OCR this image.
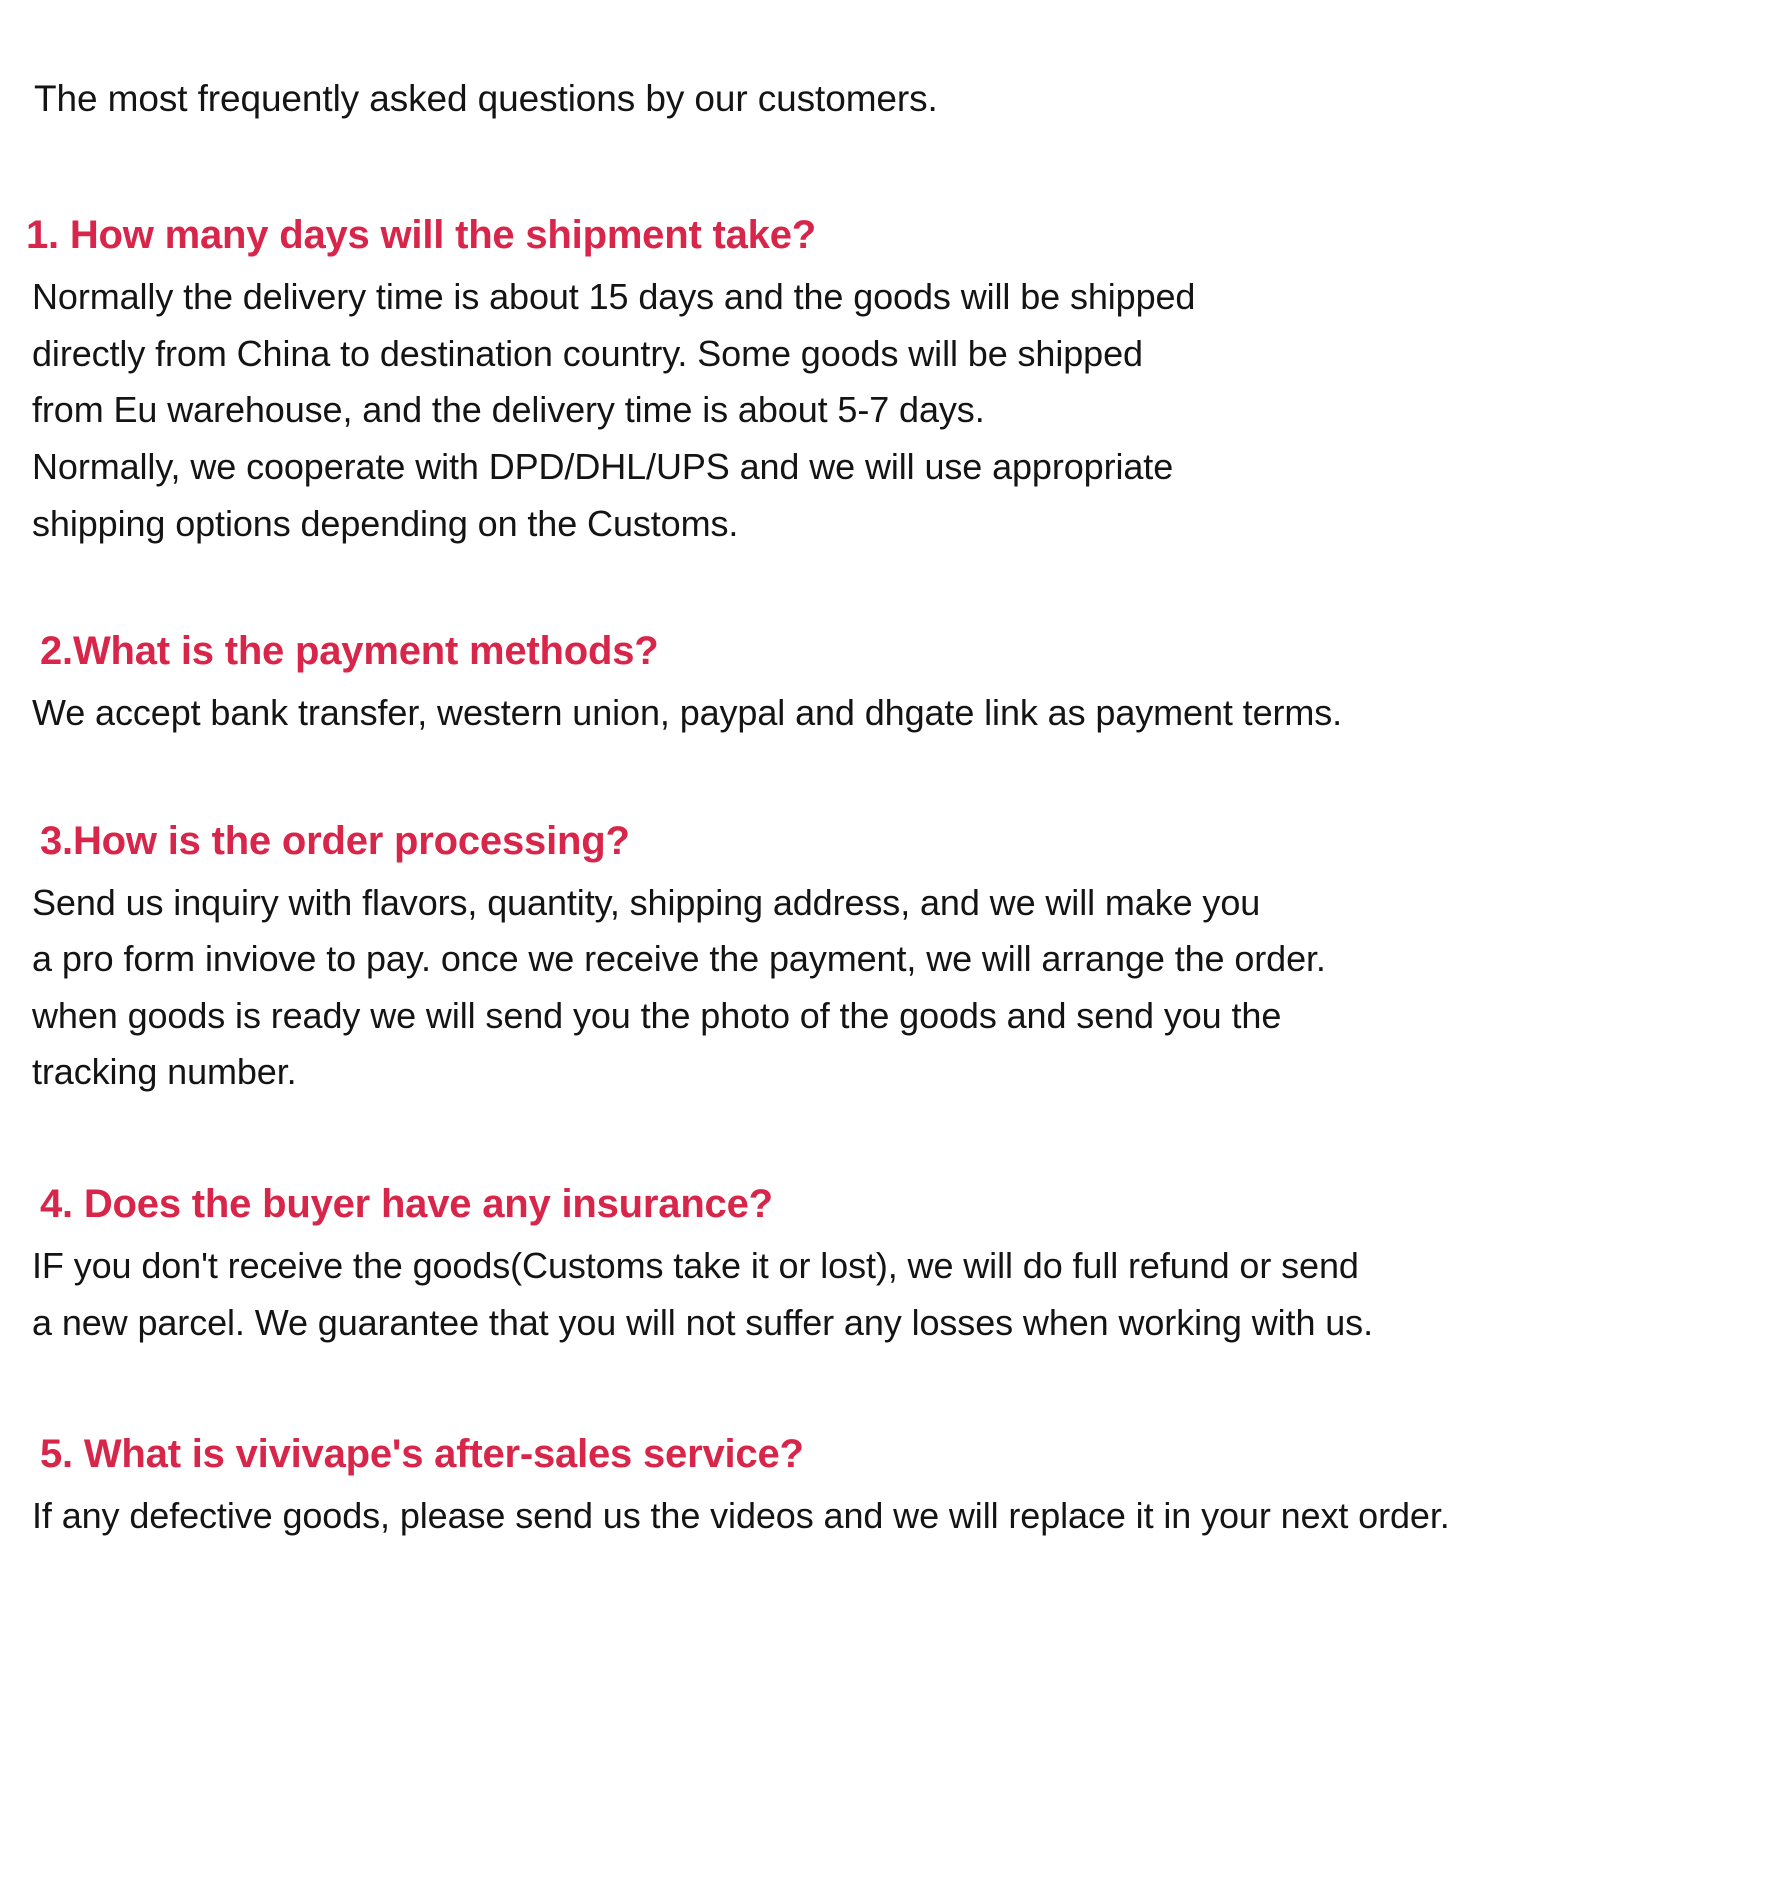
The most frequently asked questions by our customers.

1. How many days will the shipment take?
Normally the delivery time is about 15 days and the goods will be shipped
directly from China to destination country. Some goods will be shipped
from Eu warehouse, and the delivery time is about 5-7 days.
Normally, we cooperate with DPD/DHL/UPS and we will use appropriate
shipping options depending on the Customs.
2.What is the payment methods?
We accept bank transfer, western union, paypal and dhgate link as payment terms.
3.How is the order processing?
Send us inquiry with flavors, quantity, shipping address, and we will make you
a pro form inviove to pay. once we receive the payment, we will arrange the order.
when goods is ready we will send you the photo of the goods and send you the
tracking number.
4. Does the buyer have any insurance?
IF you don't receive the goods(Customs take it or lost), we will do full refund or send
a new parcel. We guarantee that you will not suffer any losses when working with us.
5. What is vivivape's after-sales service?
If any defective goods, please send us the videos and we will replace it in your next order.
